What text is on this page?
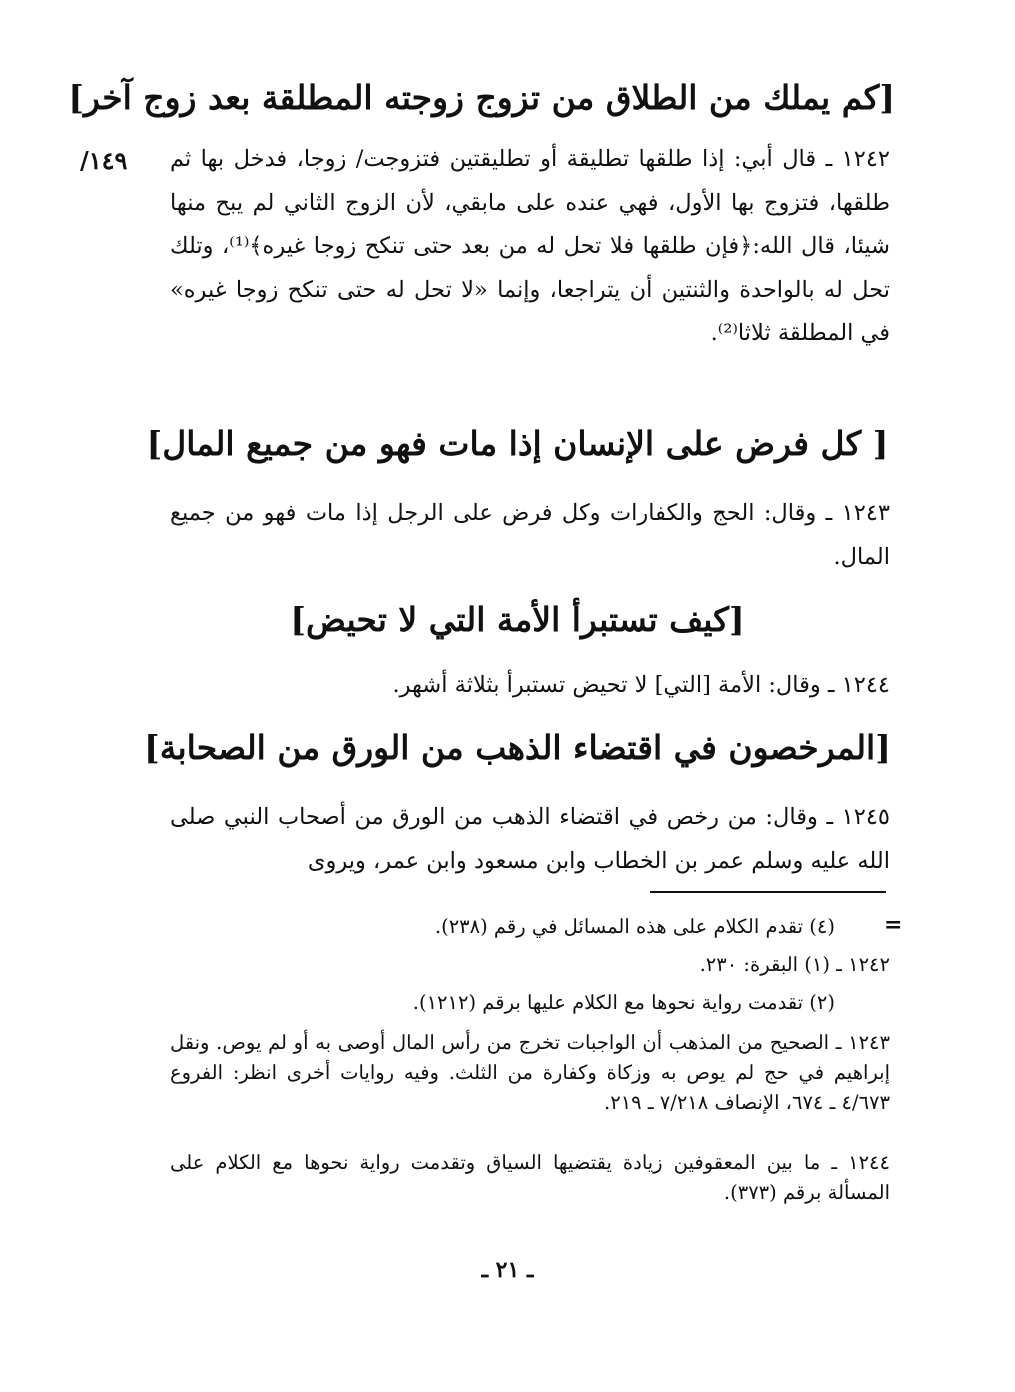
[كم يملك من الطلاق من تزوج زوجته المطلقة بعد زوج آخر]
١٤٩/	١٢٤٢ ـ قال أبي: إذا طلقها تطليقة أو تطليقتين فتزوجت/ زوجا، فدخل بها ثم طلقها، فتزوج بها الأول، فهي عنده على مابقي، لأن الزوج الثاني لم يبح منها شيئا، قال الله:﴿فإن طلقها فلا تحل له من بعد حتى تنكح زوجا غيره﴾⁽¹⁾، وتلك تحل له بالواحدة والثنتين أن يتراجعا، وإنما «لا تحل له حتى تنكح زوجا غيره» في المطلقة ثلاثا⁽²⁾.

[ كل فرض على الإنسان إذا مات فهو من جميع المال]

١٢٤٣ ـ وقال: الحج والكفارات وكل فرض على الرجل إذا مات فهو من جميع المال.

[كيف تستبرأ الأمة التي لا تحيض]

١٢٤٤ ـ وقال: الأمة [التي] لا تحيض تستبرأ بثلاثة أشهر.

[المرخصون في اقتضاء الذهب من الورق من الصحابة]

١٢٤٥ ـ وقال: من رخص في اقتضاء الذهب من الورق من أصحاب النبي صلى الله عليه وسلم عمر بن الخطاب وابن مسعود وابن عمر، ويروى

=
(٤) تقدم الكلام على هذه المسائل في رقم (٢٣٨).
١٢٤٢ ـ (١) البقرة: ٢٣٠.
(٢) تقدمت رواية نحوها مع الكلام عليها برقم (١٢١٢).
١٢٤٣ ـ الصحيح من المذهب أن الواجبات تخرج من رأس المال أوصى به أو لم يوص. ونقل إبراهيم في حج لم يوص به وزكاة وكفارة من الثلث. وفيه روايات أخرى انظر: الفروع ٤/٦٧٣ ـ ٦٧٤، الإنصاف ٧/٢١٨ ـ ٢١٩.
١٢٤٤ ـ ما بين المعقوفين زيادة يقتضيها السياق وتقدمت رواية نحوها مع الكلام على المسألة برقم (٣٧٣).
ـ ٢١ ـ
